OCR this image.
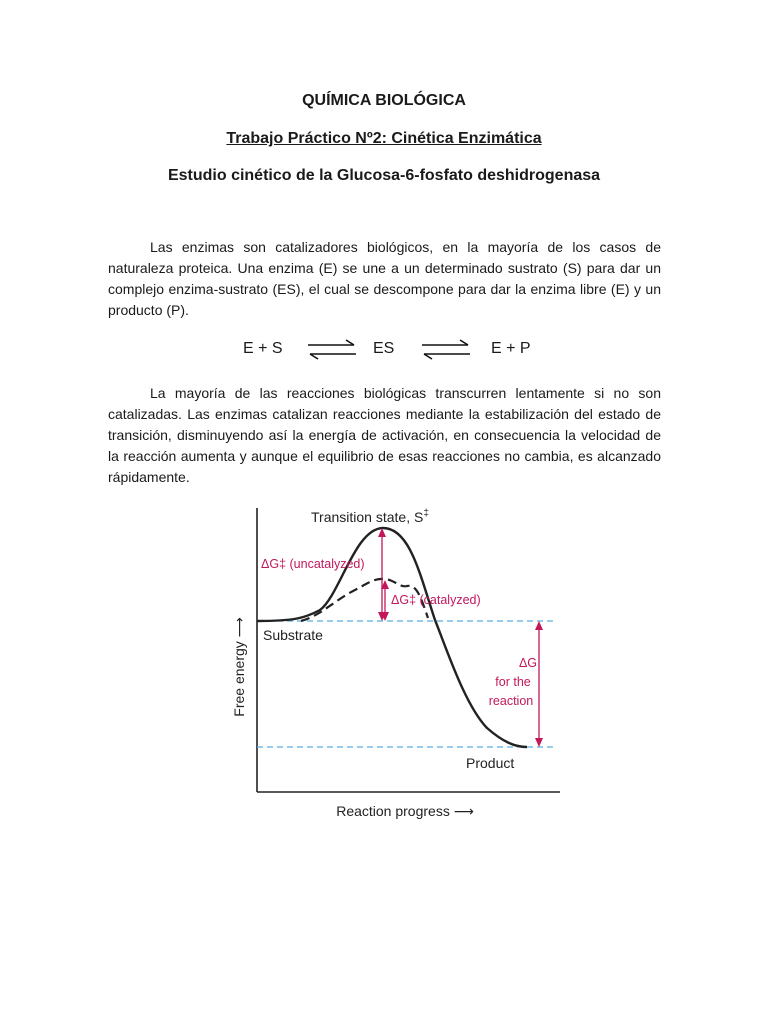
QUÍMICA BIOLÓGICA
Trabajo Práctico Nº2: Cinética Enzimática
Estudio cinético de la Glucosa-6-fosfato deshidrogenasa

Las enzimas son catalizadores biológicos, en la mayoría de los casos de naturaleza proteica. Una enzima (E) se une a un determinado sustrato (S) para dar un complejo enzima-sustrato (ES), el cual se descompone para dar la enzima libre (E) y un producto (P).

E + S ⇌ ES ⇌ E + P

La mayoría de las reacciones biológicas transcurren lentamente si no son catalizadas. Las enzimas catalizan reacciones mediante la estabilización del estado de transición, disminuyendo así la energía de activación, en consecuencia la velocidad de la reacción aumenta y aunque el equilibrio de esas reacciones no cambia, es alcanzado rápidamente.

Transition state, S‡
ΔG‡ (uncatalyzed)
ΔG‡ (catalyzed)
Substrate
Product
ΔG
for the
reaction
Free energy ⟶
Reaction progress ⟶
